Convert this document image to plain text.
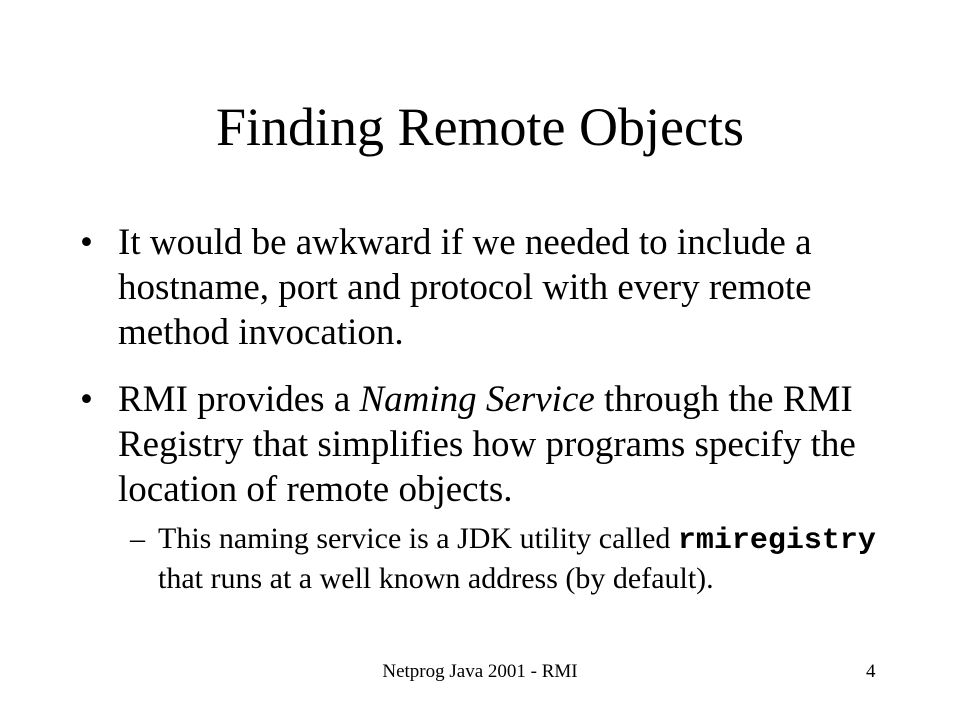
Finding Remote Objects
• It would be awkward if we needed to include a hostname, port and protocol with every remote method invocation.
• RMI provides a Naming Service through the RMI Registry that simplifies how programs specify the location of remote objects.
– This naming service is a JDK utility called rmiregistry that runs at a well known address (by default).
Netprog Java 2001 - RMI	4
